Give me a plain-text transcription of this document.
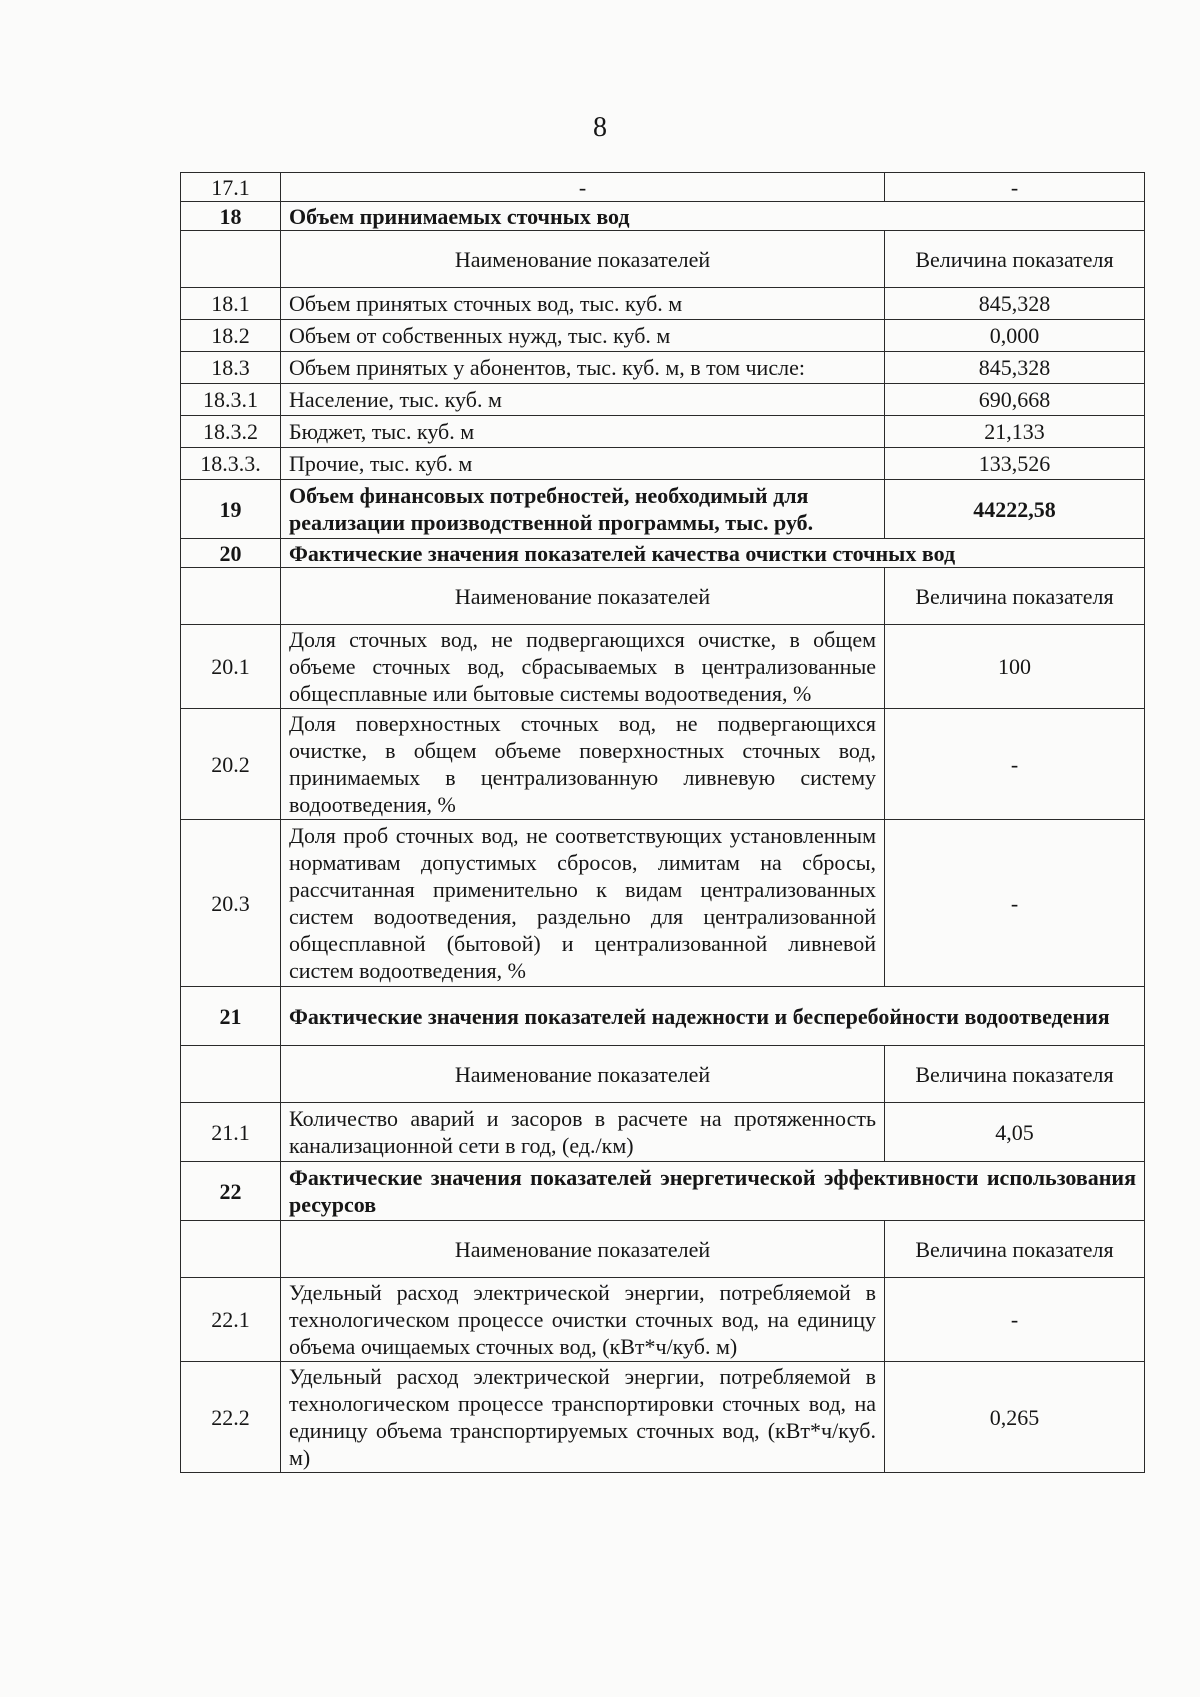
8
17.1	-	-
18	Объем принимаемых сточных вод	
	Наименование показателей	Величина показателя
18.1	Объем принятых сточных вод, тыс. куб. м	845,328
18.2	Объем от собственных нужд, тыс. куб. м	0,000
18.3	Объем принятых у абонентов, тыс. куб. м, в том числе:	845,328
18.3.1	Население, тыс. куб. м	690,668
18.3.2	Бюджет, тыс. куб. м	21,133
18.3.3.	Прочие, тыс. куб. м	133,526
19	Объем финансовых потребностей, необходимый для реализации производственной программы, тыс. руб.	44222,58
20	Фактические значения показателей качества очистки сточных вод	
	Наименование показателей	Величина показателя
20.1	Доля сточных вод, не подвергающихся очистке, в общем объеме сточных вод, сбрасываемых в централизованные общесплавные или бытовые системы водоотведения, %	100
20.2	Доля поверхностных сточных вод, не подвергающихся очистке, в общем объеме поверхностных сточных вод, принимаемых в централизованную ливневую систему водоотведения, %	-
20.3	Доля проб сточных вод, не соответствующих установленным нормативам допустимых сбросов, лимитам на сбросы, рассчитанная применительно к видам централизованных систем водоотведения, раздельно для централизованной общесплавной (бытовой) и централизованной ливневой систем водоотведения, %	-
21	Фактические значения показателей надежности и бесперебойности водоотведения	
	Наименование показателей	Величина показателя
21.1	Количество аварий и засоров в расчете на протяженность канализационной сети в год, (ед./км)	4,05
22	Фактические значения показателей энергетической эффективности использования ресурсов	
	Наименование показателей	Величина показателя
22.1	Удельный расход электрической энергии, потребляемой в технологическом процессе очистки сточных вод, на единицу объема очищаемых сточных вод, (кВт*ч/куб. м)	-
22.2	Удельный расход электрической энергии, потребляемой в технологическом процессе транспортировки сточных вод, на единицу объема транспортируемых сточных вод, (кВт*ч/куб. м)	0,265
